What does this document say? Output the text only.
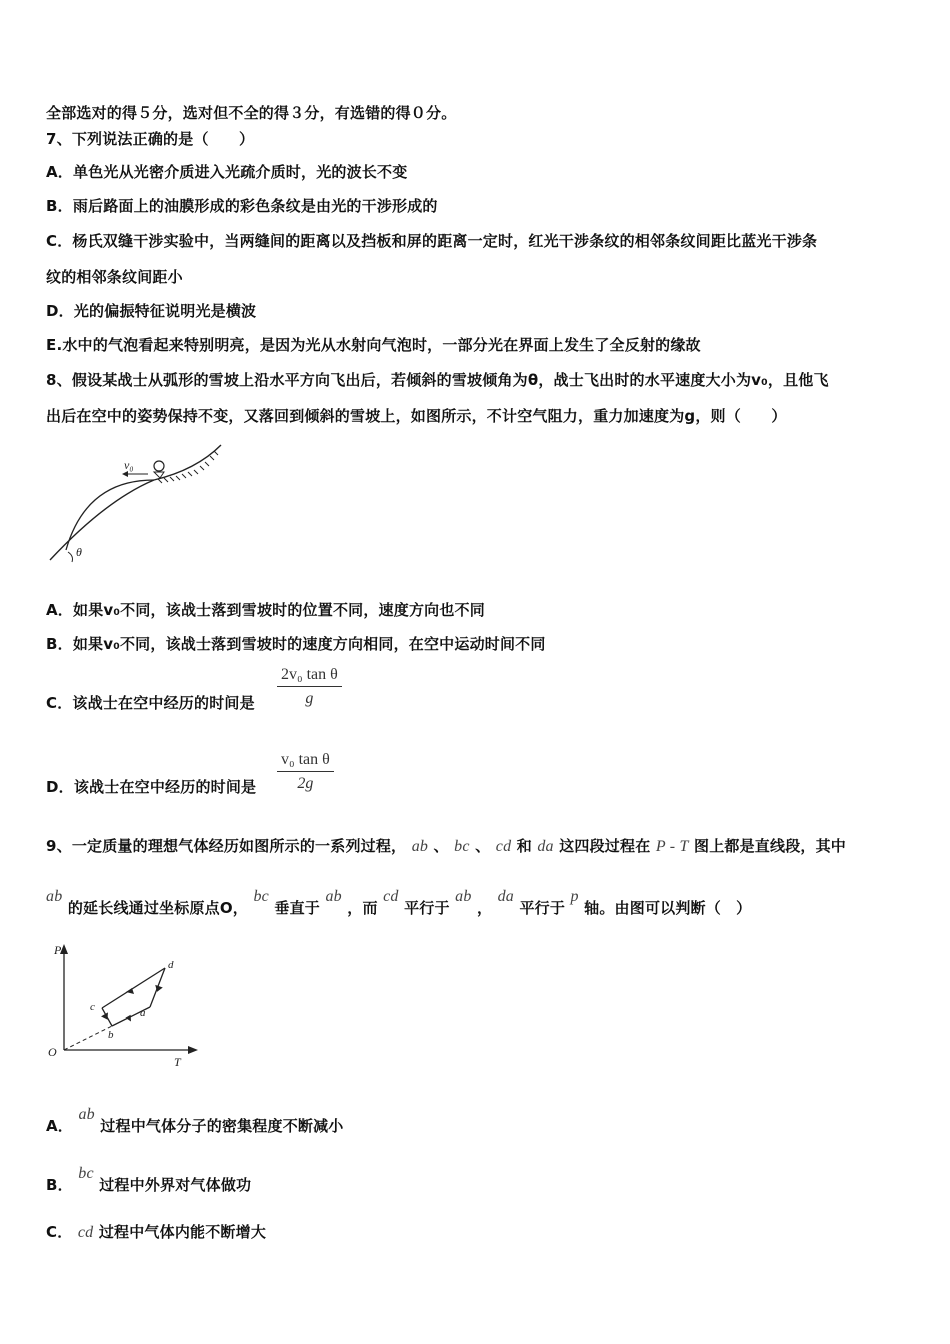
全部选对的得５分，选对但不全的得３分，有选错的得０分。
7、下列说法正确的是（　　）
A．单色光从光密介质进入光疏介质时，光的波长不变
B．雨后路面上的油膜形成的彩色条纹是由光的干涉形成的
C．杨氏双缝干涉实验中，当两缝间的距离以及挡板和屏的距离一定时，红光干涉条纹的相邻条纹间距比蓝光干涉条
纹的相邻条纹间距小
D．光的偏振特征说明光是横波
E.水中的气泡看起来特别明亮，是因为光从水射向气泡时，一部分光在界面上发生了全反射的缘故
8、假设某战士从弧形的雪坡上沿水平方向飞出后，若倾斜的雪坡倾角为θ，战士飞出时的水平速度大小为v₀，且他飞
出后在空中的姿势保持不变，又落回到倾斜的雪坡上，如图所示，不计空气阻力，重力加速度为g，则（　　）
v₀
θ
A．如果v₀不同，该战士落到雪坡时的位置不同，速度方向也不同
B．如果v₀不同，该战士落到雪坡时的速度方向相同，在空中运动时间不同
C．该战士在空中经历的时间是 $\frac{\text{2v₀ tan θ}}{g}$
D．该战士在空中经历的时间是 $\frac{\text{v₀ tan θ}}{2g}$
9、一定质量的理想气体经历如图所示的一系列过程， ab 、 bc 、 cd 和 da 这四段过程在 P - T 图上都是直线段，其中
ab 的延长线通过坐标原点O， bc 垂直于 ab ，而 cd 平行于 ab ， da 平行于 p 轴。由图可以判断（　）
P
T
O
a
b
c
d
A． ab 过程中气体分子的密集程度不断减小
B． bc 过程中外界对气体做功
C． cd 过程中气体内能不断增大
